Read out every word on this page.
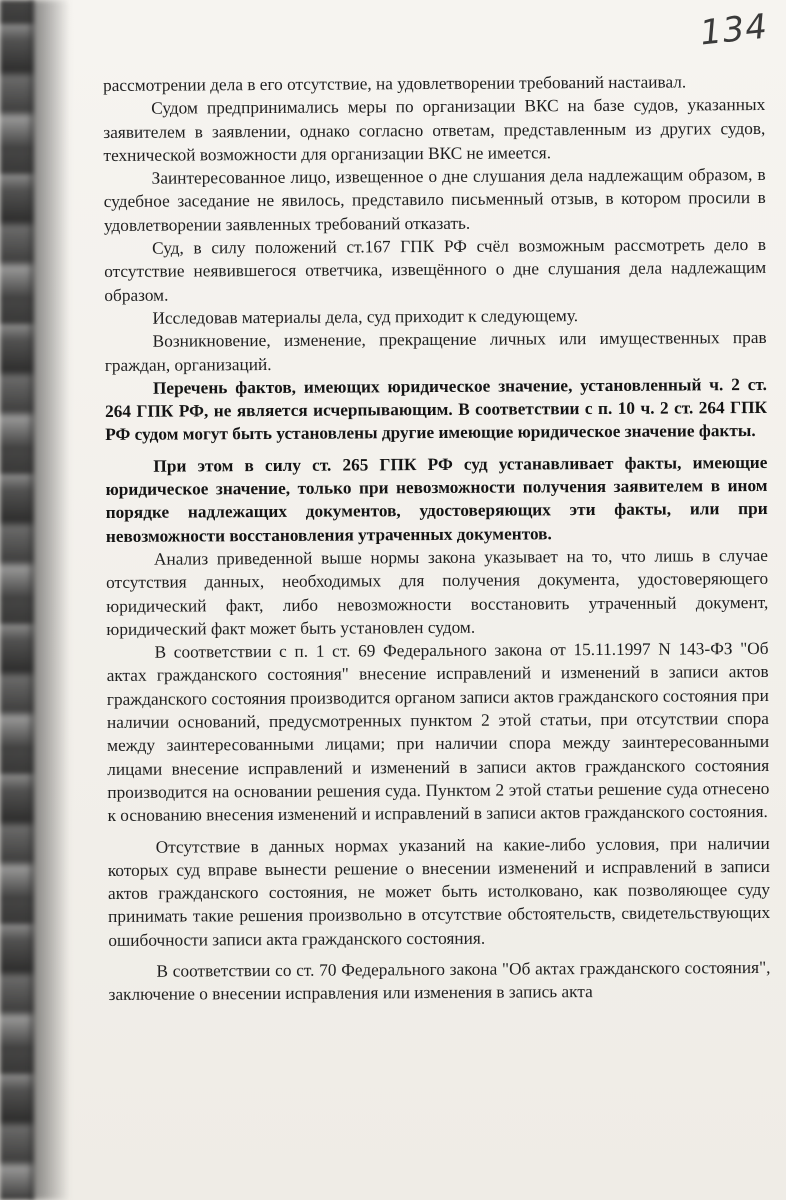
134

рассмотрении дела в его отсутствие, на удовлетворении требований настаивал.

Судом предпринимались меры по организации ВКС на базе судов, указанных заявителем в заявлении, однако согласно ответам, представленным из других судов, технической возможности для организации ВКС не имеется.

Заинтересованное лицо, извещенное о дне слушания дела надлежащим образом, в судебное заседание не явилось, представило письменный отзыв, в котором просили в удовлетворении заявленных требований отказать.

Суд, в силу положений ст.167 ГПК РФ счёл возможным рассмотреть дело в отсутствие неявившегося ответчика, извещённого о дне слушания дела надлежащим образом.

Исследовав материалы дела, суд приходит к следующему.

Возникновение, изменение, прекращение личных или имущественных прав граждан, организаций.

Перечень фактов, имеющих юридическое значение, установленный ч. 2 ст. 264 ГПК РФ, не является исчерпывающим. В соответствии с п. 10 ч. 2 ст. 264 ГПК РФ судом могут быть установлены другие имеющие юридическое значение факты.

При этом в силу ст. 265 ГПК РФ суд устанавливает факты, имеющие юридическое значение, только при невозможности получения заявителем в ином порядке надлежащих документов, удостоверяющих эти факты, или при невозможности восстановления утраченных документов.

Анализ приведенной выше нормы закона указывает на то, что лишь в случае отсутствия данных, необходимых для получения документа, удостоверяющего юридический факт, либо невозможности восстановить утраченный документ, юридический факт может быть установлен судом.

В соответствии с п. 1 ст. 69 Федерального закона от 15.11.1997 N 143-ФЗ "Об актах гражданского состояния" внесение исправлений и изменений в записи актов гражданского состояния производится органом записи актов гражданского состояния при наличии оснований, предусмотренных пунктом 2 этой статьи, при отсутствии спора между заинтересованными лицами; при наличии спора между заинтересованными лицами внесение исправлений и изменений в записи актов гражданского состояния производится на основании решения суда. Пунктом 2 этой статьи решение суда отнесено к основанию внесения изменений и исправлений в записи актов гражданского состояния.

Отсутствие в данных нормах указаний на какие-либо условия, при наличии которых суд вправе вынести решение о внесении изменений и исправлений в записи актов гражданского состояния, не может быть истолковано, как позволяющее суду принимать такие решения произвольно в отсутствие обстоятельств, свидетельствующих ошибочности записи акта гражданского состояния.

В соответствии со ст. 70 Федерального закона "Об актах гражданского состояния", заключение о внесении исправления или изменения в запись акта
